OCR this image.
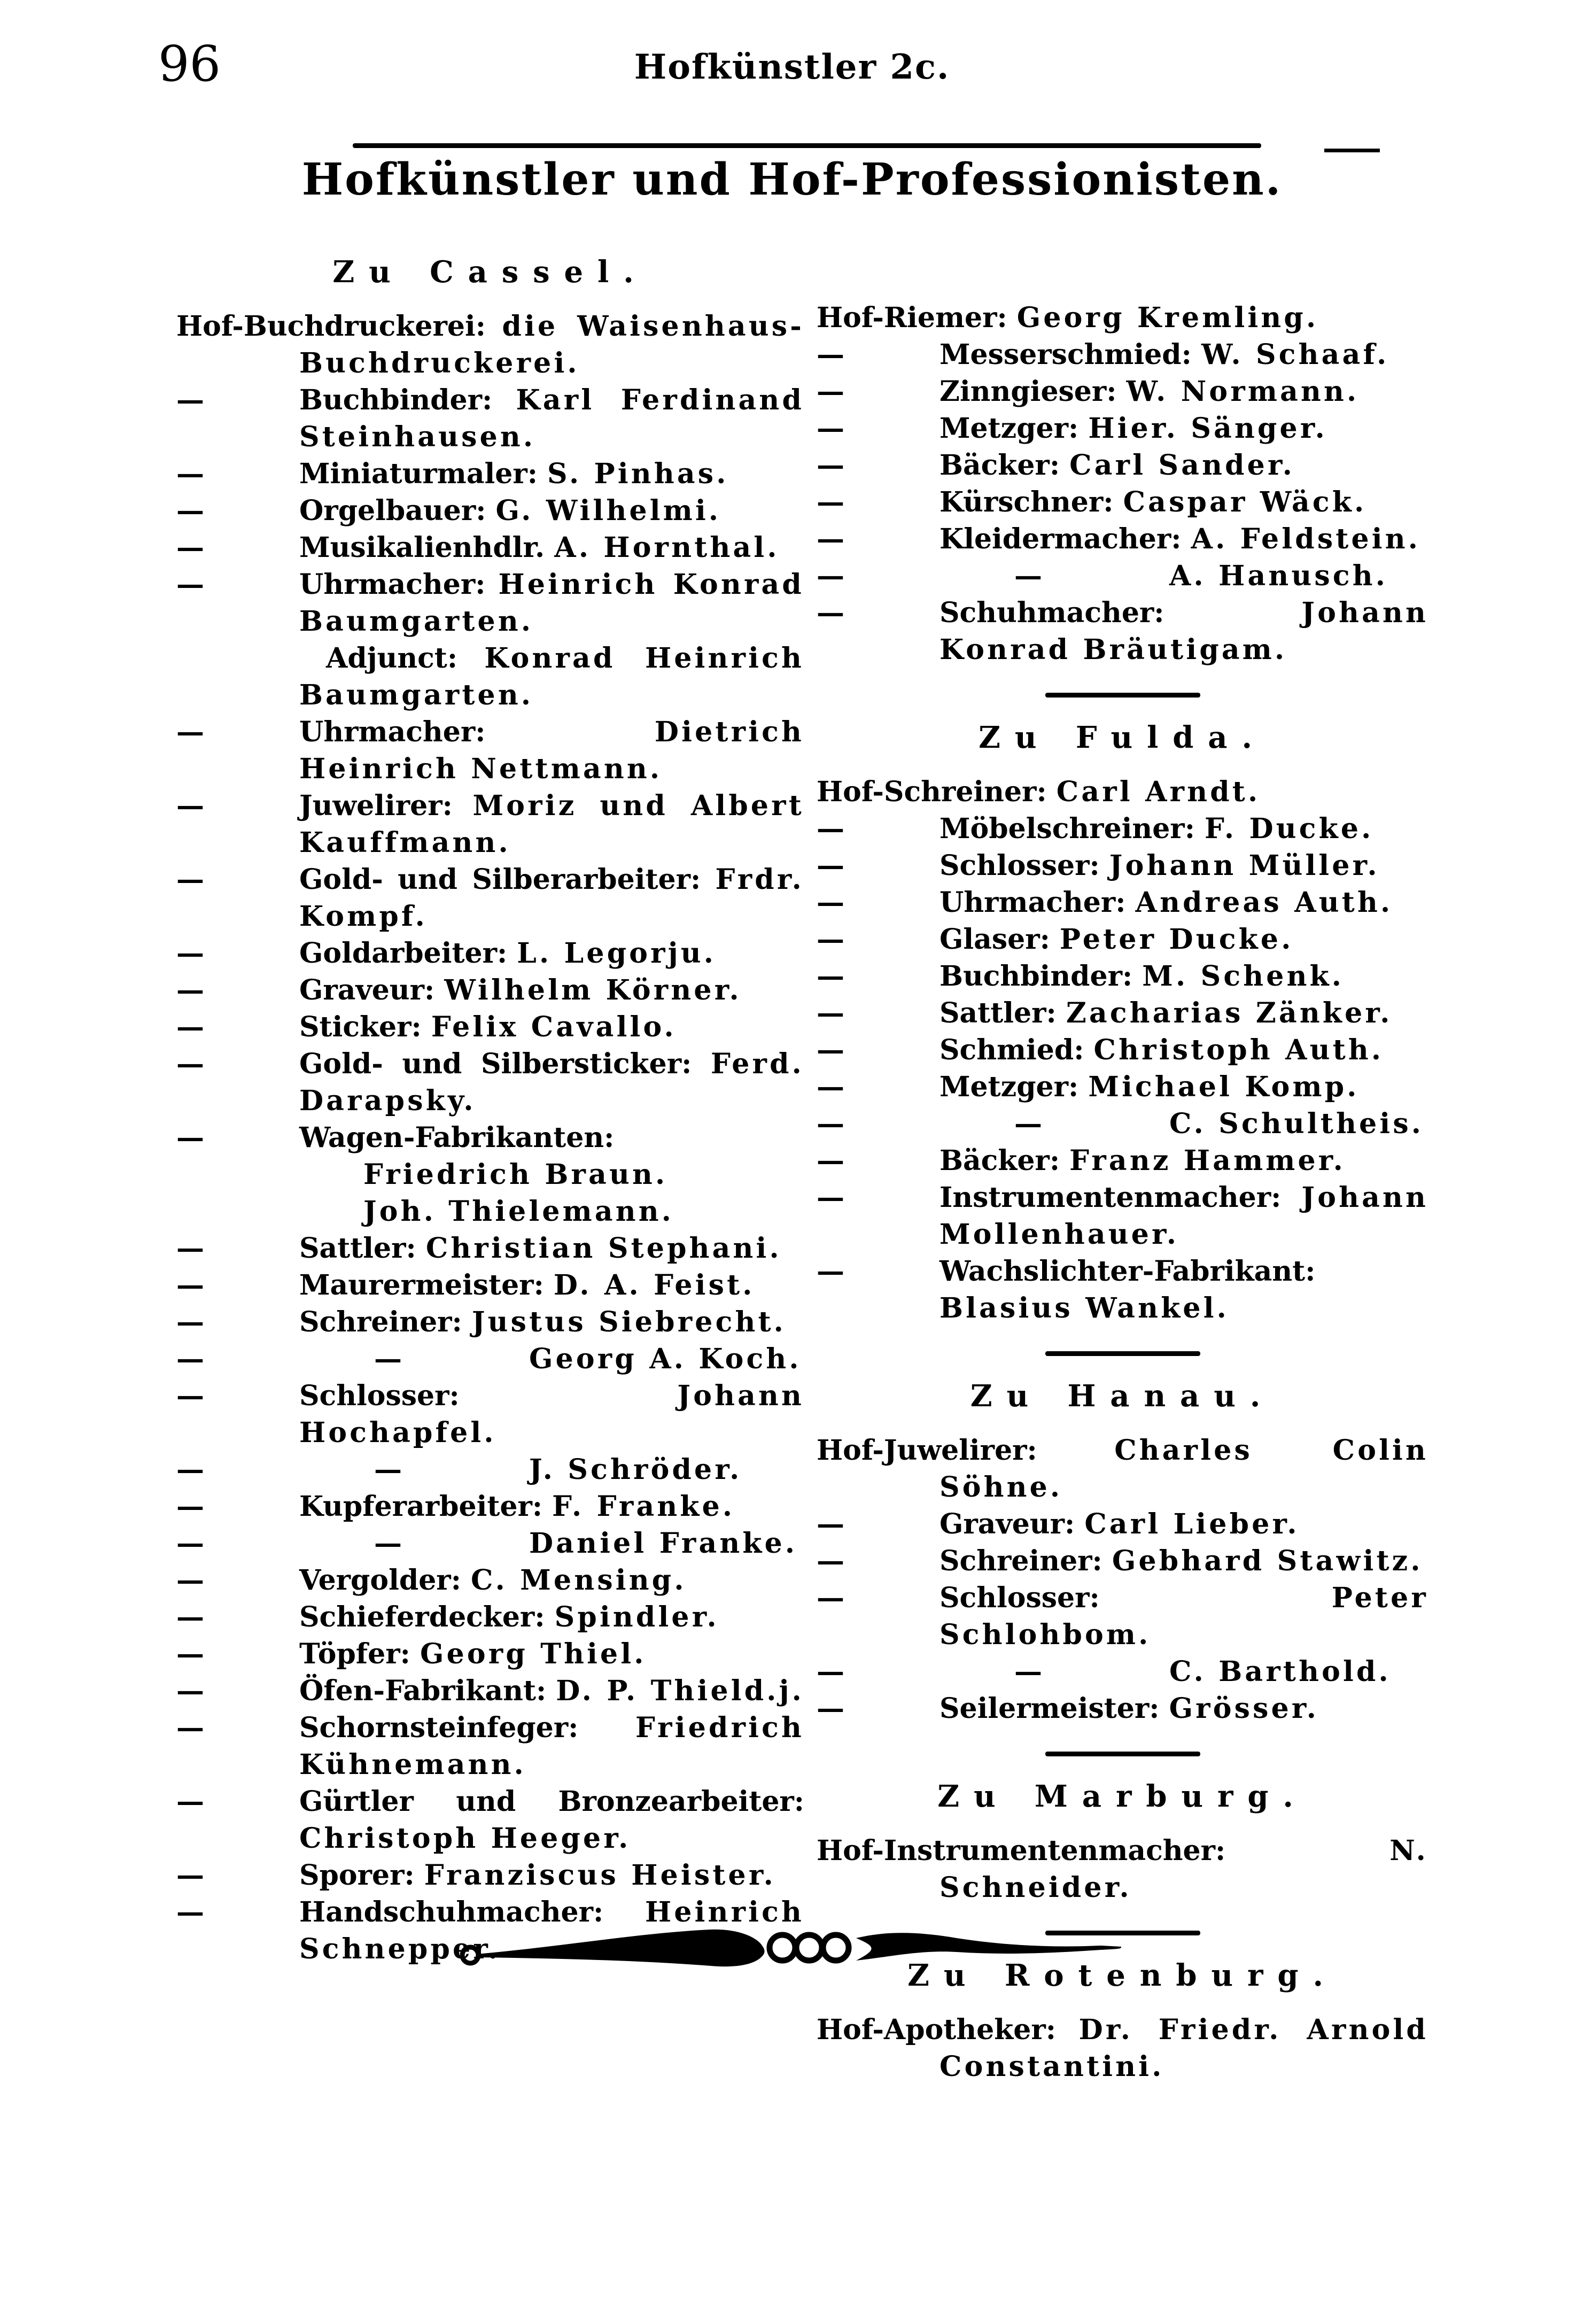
96	Hofkünstler 2c.
Hofkünstler und Hof-Professionisten.
Zu Cassel.

Hof-Buchdruckerei: die Waisenhaus-Buchdruckerei.

—	Buchbinder: Karl Ferdinand Steinhausen.

—	Miniaturmaler: S. Pinhas.

—	Orgelbauer: G. Wilhelmi.

—	Musikalienhdlr. A. Hornthal.

—	Uhrmacher: Heinrich Konrad Baumgarten.

Adjunct: Konrad Heinrich Baumgarten.

—	Uhrmacher:	Dietrich Heinrich Nettmann.

—	Juwelirer: Moriz und Albert Kauffmann.

—	Gold- und Silberarbeiter: Frdr. Kompf.

—	Goldarbeiter: L. Legorju.

—	Graveur: Wilhelm Körner.

—	Sticker: Felix Cavallo.

—	Gold- und Silbersticker: Ferd. Darapsky.

—	Wagen-Fabrikanten:

Friedrich Braun.

Joh. Thielemann.

—	Sattler: Christian Stephani.

—	Maurermeister: D. A. Feist.

—	Schreiner: Justus Siebrecht.

—	—	Georg A. Koch.

—	Schlosser:	Johann Hochapfel.

—	—	J. Schröder.

—	Kupferarbeiter: F. Franke.

—	—	Daniel Franke.

—	Vergolder: C. Mensing.

—	Schieferdecker: Spindler.

—	Töpfer: Georg Thiel.

—	Öfen-Fabrikant: D. P. Thield.j.

—	Schornsteinfeger: Friedrich Kühnemann.

—	Gürtler und Bronzearbeiter: Christoph Heeger.

—	Sporer: Franziscus Heister.

—	Handschuhmacher: Heinrich Schnepper.

Hof-Riemer: Georg Kremling.

—	Messerschmied: W. Schaaf.

—	Zinngieser: W. Normann.

—	Metzger: Hier. Sänger.

—	Bäcker: Carl Sander.

—	Kürschner: Caspar Wäck.

—	Kleidermacher: A. Feldstein.

—	—	A. Hanusch.

—	Schuhmacher:	Johann Konrad Bräutigam.

Zu Fulda.

Hof-Schreiner: Carl Arndt.

—	Möbelschreiner: F. Ducke.

—	Schlosser: Johann Müller.

—	Uhrmacher: Andreas Auth.

—	Glaser: Peter Ducke.

—	Buchbinder: M. Schenk.

—	Sattler: Zacharias Zänker.

—	Schmied: Christoph Auth.

—	Metzger: Michael Komp.

—	—	C. Schultheis.

—	Bäcker: Franz Hammer.

—	Instrumentenmacher: Johann Mollenhauer.

—	Wachslichter-Fabrikant: Blasius Wankel.

Zu Hanau.

Hof-Juwelirer:	Charles Colin Söhne.

—	Graveur: Carl Lieber.

—	Schreiner: Gebhard Stawitz.

—	Schlosser:	Peter Schlohbom.

—	—	C. Barthold.

—	Seilermeister: Grösser.

Zu Marburg.

Hof-Instrumentenmacher:	N. Schneider.

Zu Rotenburg.

Hof-Apotheker: Dr. Friedr. Arnold Constantini.
